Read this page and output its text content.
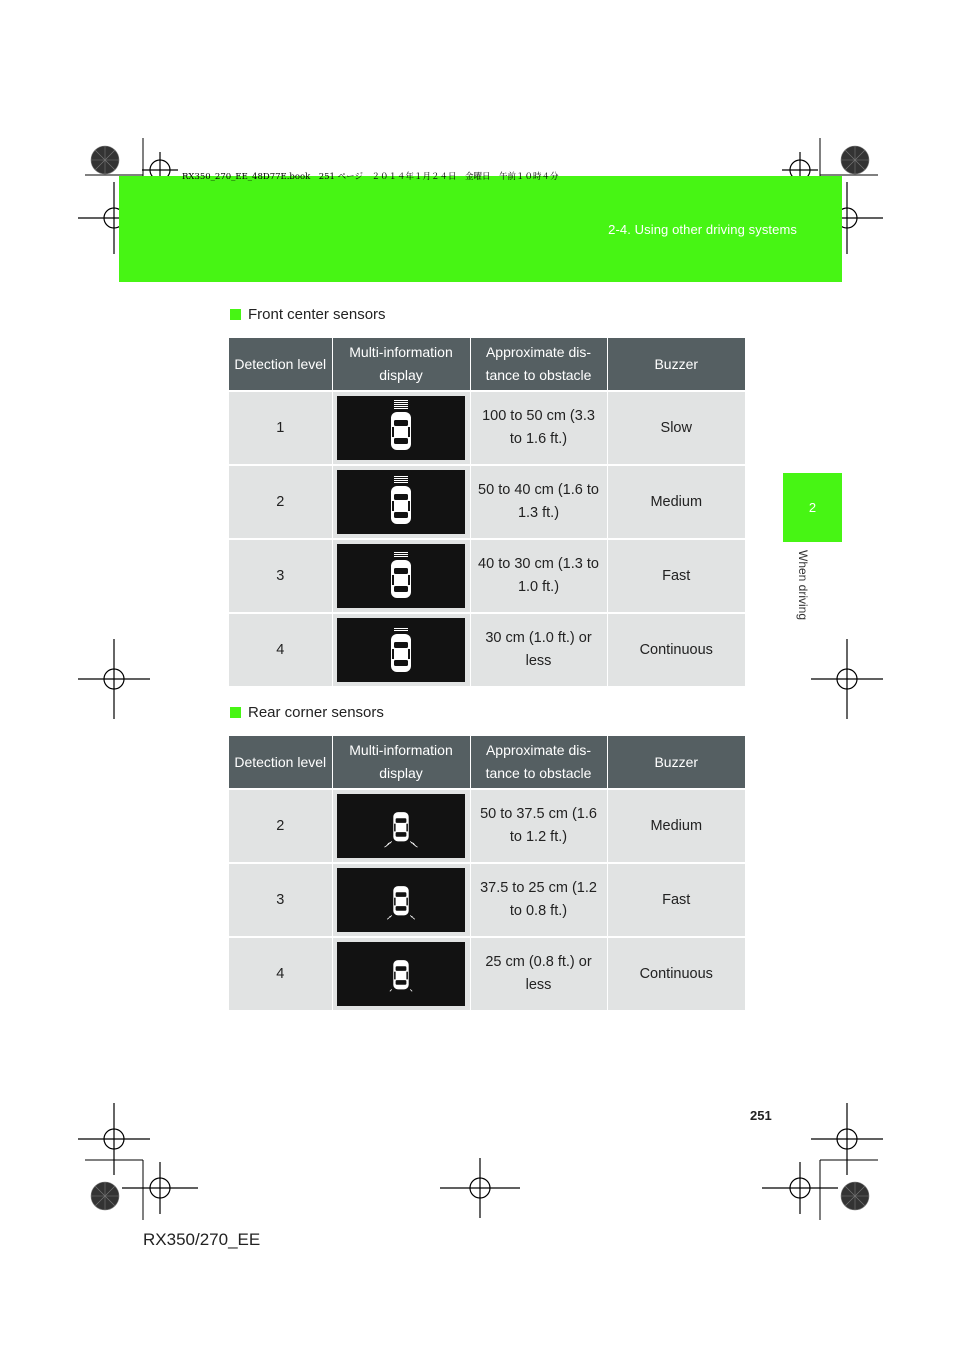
2-4. Using other driving systems
RX350_270_EE_48D77E.book　251 ページ　２０１４年１月２４日　金曜日　午前１０時４分
2
When driving
Front center sensors
Detection level	Multi-information display	Approximate dis- tance to obstacle	Buzzer
1		100 to 50 cm (3.3 to 1.6 ft.)	Slow
2		50 to 40 cm (1.6 to 1.3 ft.)	Medium
3		40 to 30 cm (1.3 to 1.0 ft.)	Fast
4		30 cm (1.0 ft.) or less	Continuous
Rear corner sensors
Detection level	Multi-information display	Approximate dis- tance to obstacle	Buzzer
2		50 to 37.5 cm (1.6 to 1.2 ft.)	Medium
3		37.5 to 25 cm (1.2 to 0.8 ft.)	Fast
4		25 cm (0.8 ft.) or less	Continuous
251
RX350/270_EE
